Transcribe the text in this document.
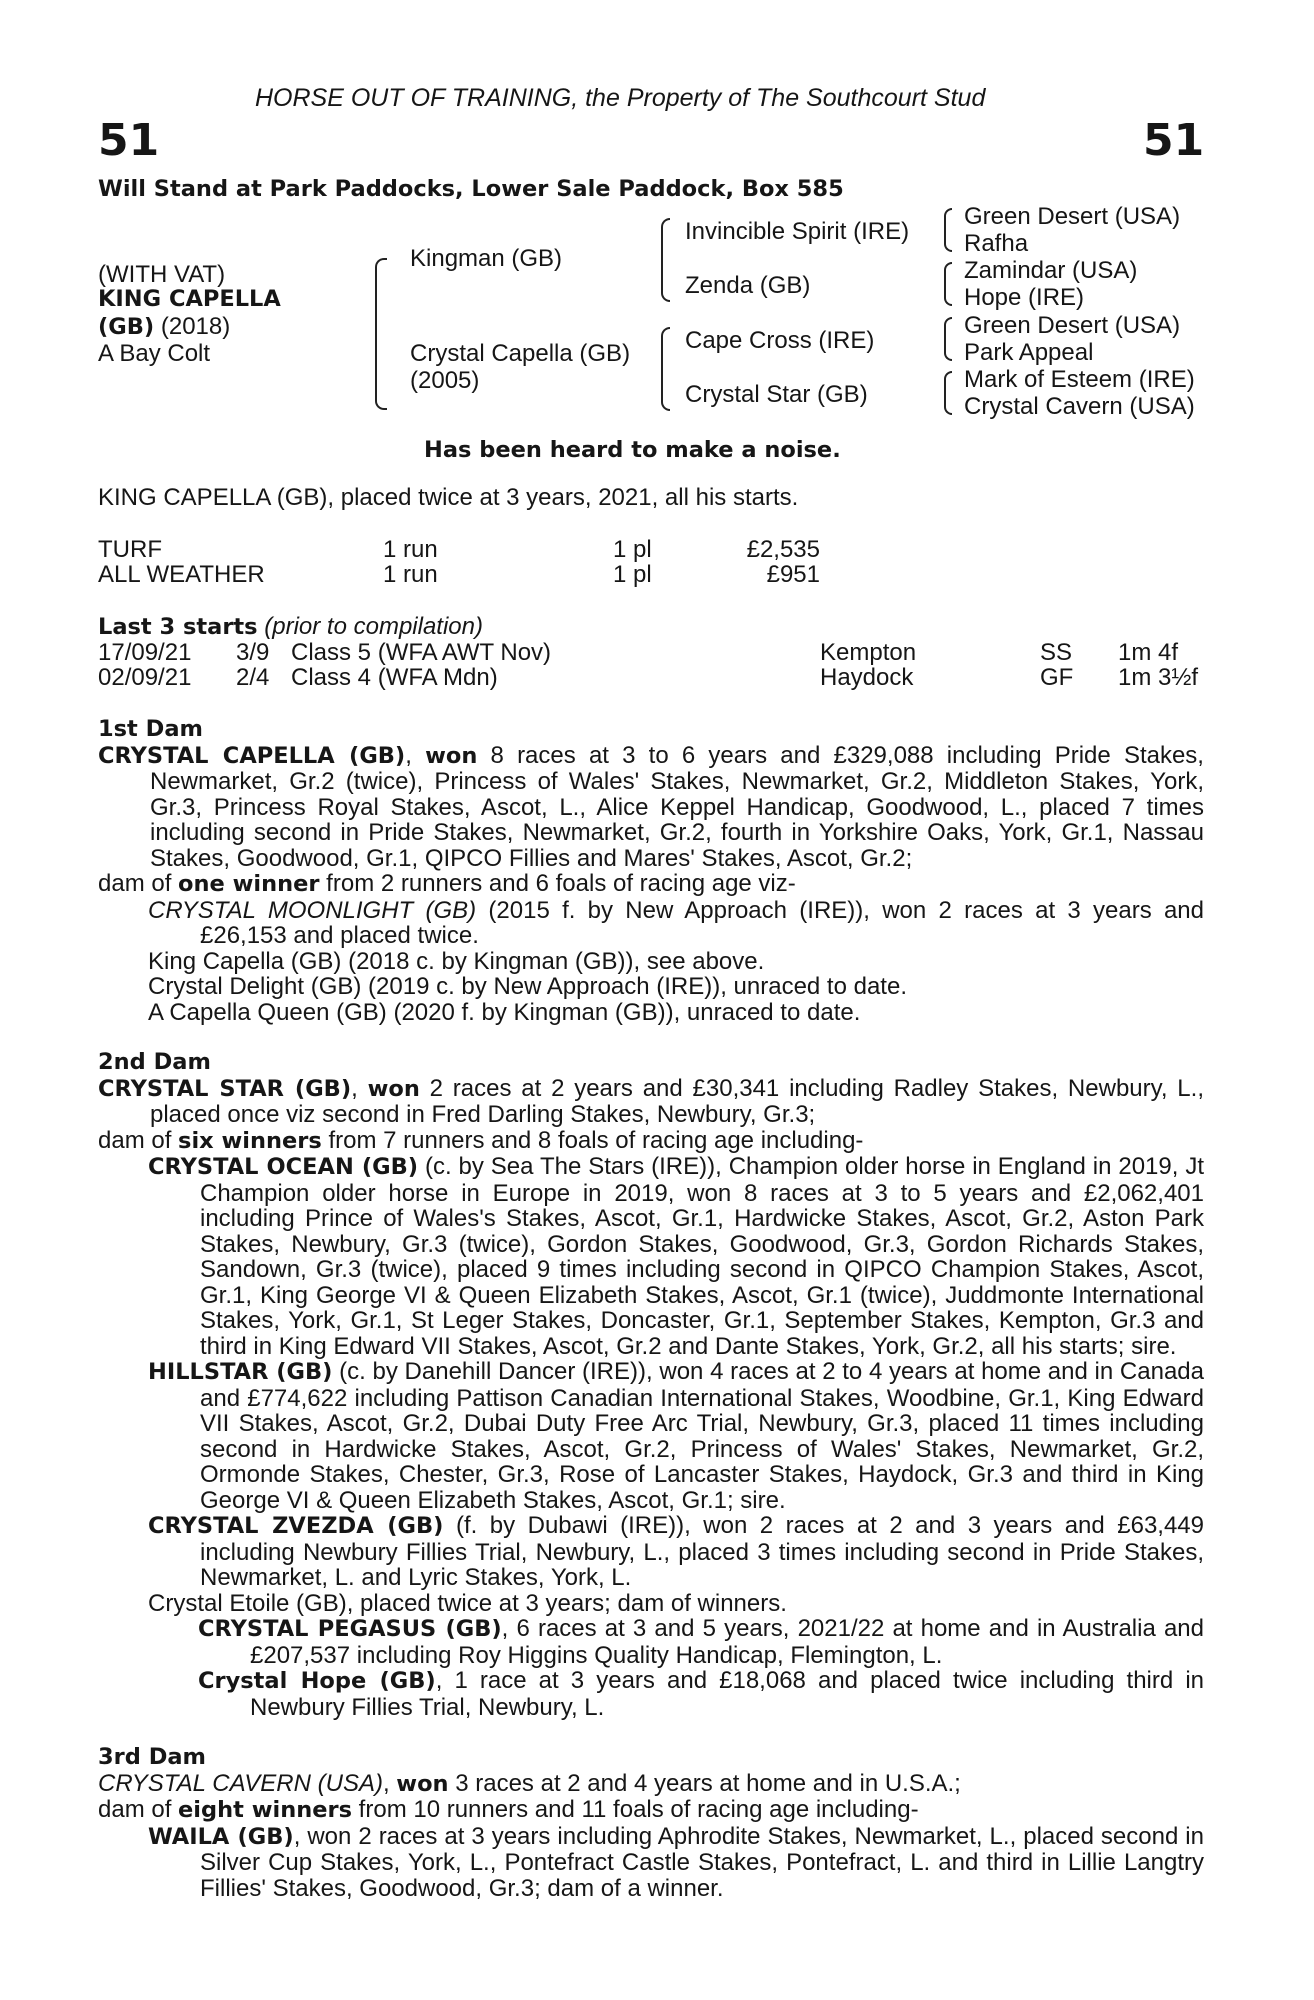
HORSE OUT OF TRAINING, the Property of The Southcourt Stud
51	51
Will Stand at Park Paddocks, Lower Sale Paddock, Box 585
(WITH VAT)
KING CAPELLA
(GB) (2018)
A Bay Colt
Kingman (GB)
Crystal Capella (GB)
(2005)
Invincible Spirit (IRE)
Zenda (GB)
Cape Cross (IRE)
Crystal Star (GB)
Green Desert (USA)
Rafha
Zamindar (USA)
Hope (IRE)
Green Desert (USA)
Park Appeal
Mark of Esteem (IRE)
Crystal Cavern (USA)
Has been heard to make a noise.
KING CAPELLA (GB), placed twice at 3 years, 2021, all his starts.
TURF	1 run	1 pl	£2,535
ALL WEATHER	1 run	1 pl	£951
Last 3 starts (prior to compilation)
17/09/21 3/9 Class 5 (WFA AWT Nov)	Kempton	SS 1m 4f
02/09/21 2/4 Class 4 (WFA Mdn)	Haydock	GF 1m 3½f
1st Dam

CRYSTAL CAPELLA (GB), won 8 races at 3 to 6 years and £329,088 including Pride Stakes, Newmarket, Gr.2 (twice), Princess of Wales' Stakes, Newmarket, Gr.2, Middleton Stakes, York, Gr.3, Princess Royal Stakes, Ascot, L., Alice Keppel Handicap, Goodwood, L., placed 7 times including second in Pride Stakes, Newmarket, Gr.2, fourth in Yorkshire Oaks, York, Gr.1, Nassau Stakes, Goodwood, Gr.1, QIPCO Fillies and Mares' Stakes, Ascot, Gr.2;

dam of one winner from 2 runners and 6 foals of racing age viz-

CRYSTAL MOONLIGHT (GB) (2015 f. by New Approach (IRE)), won 2 races at 3 years and £26,153 and placed twice.

King Capella (GB) (2018 c. by Kingman (GB)), see above.

Crystal Delight (GB) (2019 c. by New Approach (IRE)), unraced to date.

A Capella Queen (GB) (2020 f. by Kingman (GB)), unraced to date.

2nd Dam

CRYSTAL STAR (GB), won 2 races at 2 years and £30,341 including Radley Stakes, Newbury, L., placed once viz second in Fred Darling Stakes, Newbury, Gr.3;

dam of six winners from 7 runners and 8 foals of racing age including-

CRYSTAL OCEAN (GB) (c. by Sea The Stars (IRE)), Champion older horse in England in 2019, Jt Champion older horse in Europe in 2019, won 8 races at 3 to 5 years and £2,062,401 including Prince of Wales's Stakes, Ascot, Gr.1, Hardwicke Stakes, Ascot, Gr.2, Aston Park Stakes, Newbury, Gr.3 (twice), Gordon Stakes, Goodwood, Gr.3, Gordon Richards Stakes, Sandown, Gr.3 (twice), placed 9 times including second in QIPCO Champion Stakes, Ascot, Gr.1, King George VI & Queen Elizabeth Stakes, Ascot, Gr.1 (twice), Juddmonte International Stakes, York, Gr.1, St Leger Stakes, Doncaster, Gr.1, September Stakes, Kempton, Gr.3 and third in King Edward VII Stakes, Ascot, Gr.2 and Dante Stakes, York, Gr.2, all his starts; sire.

HILLSTAR (GB) (c. by Danehill Dancer (IRE)), won 4 races at 2 to 4 years at home and in Canada and £774,622 including Pattison Canadian International Stakes, Woodbine, Gr.1, King Edward VII Stakes, Ascot, Gr.2, Dubai Duty Free Arc Trial, Newbury, Gr.3, placed 11 times including second in Hardwicke Stakes, Ascot, Gr.2, Princess of Wales' Stakes, Newmarket, Gr.2, Ormonde Stakes, Chester, Gr.3, Rose of Lancaster Stakes, Haydock, Gr.3 and third in King George VI & Queen Elizabeth Stakes, Ascot, Gr.1; sire.

CRYSTAL ZVEZDA (GB) (f. by Dubawi (IRE)), won 2 races at 2 and 3 years and £63,449 including Newbury Fillies Trial, Newbury, L., placed 3 times including second in Pride Stakes, Newmarket, L. and Lyric Stakes, York, L.

Crystal Etoile (GB), placed twice at 3 years; dam of winners.

CRYSTAL PEGASUS (GB), 6 races at 3 and 5 years, 2021/22 at home and in Australia and £207,537 including Roy Higgins Quality Handicap, Flemington, L.

Crystal Hope (GB), 1 race at 3 years and £18,068 and placed twice including third in Newbury Fillies Trial, Newbury, L.

3rd Dam

CRYSTAL CAVERN (USA), won 3 races at 2 and 4 years at home and in U.S.A.;

dam of eight winners from 10 runners and 11 foals of racing age including-

WAILA (GB), won 2 races at 3 years including Aphrodite Stakes, Newmarket, L., placed second in Silver Cup Stakes, York, L., Pontefract Castle Stakes, Pontefract, L. and third in Lillie Langtry Fillies' Stakes, Goodwood, Gr.3; dam of a winner.
